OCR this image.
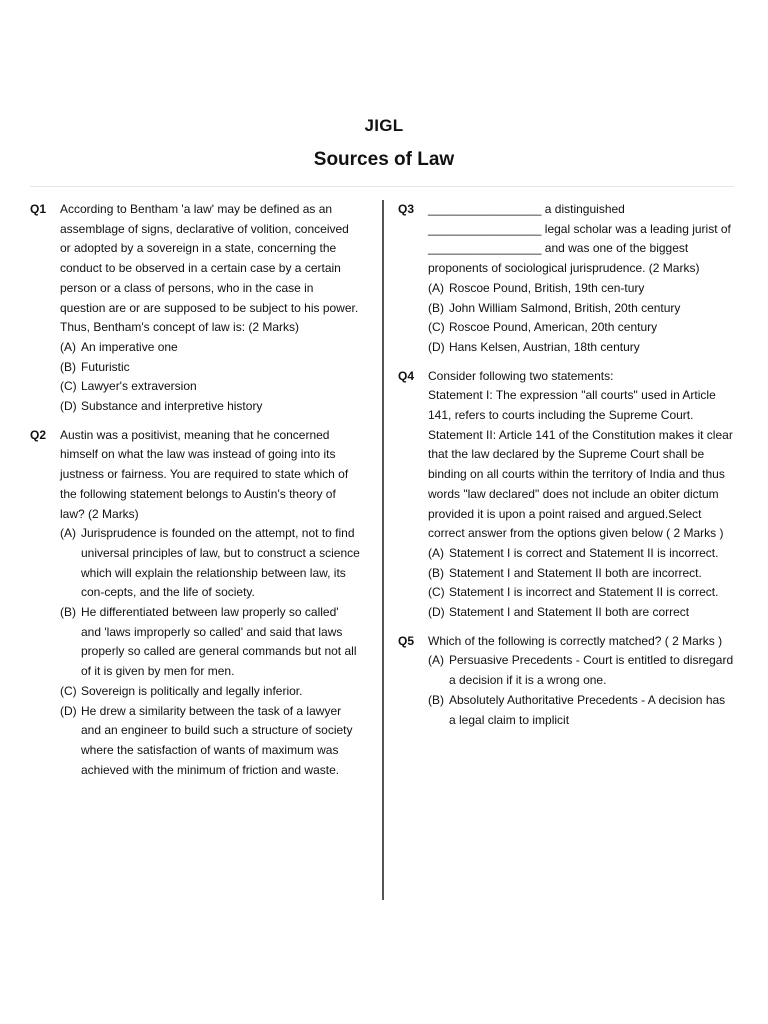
JIGL
Sources of Law
Q1	According to Bentham 'a law' may be defined as an assemblage of signs, declarative of volition, conceived or adopted by a sovereign in a state, concerning the conduct to be observed in a certain case by a certain person or a class of persons, who in the case in question are or are supposed to be subject to his power. Thus, Bentham's concept of law is: (2 Marks)
(A) An imperative one
(B) Futuristic
(C) Lawyer's extraversion
(D) Substance and interpretive history
Q2	Austin was a positivist, meaning that he concerned himself on what the law was instead of going into its justness or fairness. You are required to state which of the following statement belongs to Austin's theory of law? (2 Marks)
(A) Jurisprudence is founded on the attempt, not to find universal principles of law, but to construct a science which will explain the relationship between law, its con-cepts, and the life of society.
(B) He differentiated between law properly so called' and 'laws improperly so called' and said that laws properly so called are general commands but not all of it is given by men for men.
(C) Sovereign is politically and legally inferior.
(D) He drew a similarity between the task of a lawyer and an engineer to build such a structure of society where the satisfaction of wants of maximum was achieved with the minimum of friction and waste.
Q3	_________________ a distinguished
_________________ legal scholar was a leading jurist of _________________ and was one of the biggest proponents of sociological jurisprudence. (2 Marks)
(A) Roscoe Pound, British, 19th cen-tury
(B) John William Salmond, British, 20th century
(C) Roscoe Pound, American, 20th century
(D) Hans Kelsen, Austrian, 18th century
Q4	Consider following two statements:
Statement I: The expression "all courts" used in Article 141, refers to courts including the Supreme Court.
Statement II: Article 141 of the Constitution makes it clear that the law declared by the Supreme Court shall be binding on all courts within the territory of India and thus words "law declared" does not include an obiter dictum provided it is upon a point raised and argued.Select correct answer from the options given below ( 2 Marks )
(A) Statement I is correct and Statement II is incorrect.
(B) Statement I and Statement II both are incorrect.
(C) Statement I is incorrect and Statement II is correct.
(D) Statement I and Statement II both are correct
Q5	Which of the following is correctly matched? ( 2 Marks )
(A) Persuasive Precedents - Court is entitled to disregard a decision if it is a wrong one.
(B) Absolutely Authoritative Precedents - A decision has a legal claim to implicit
